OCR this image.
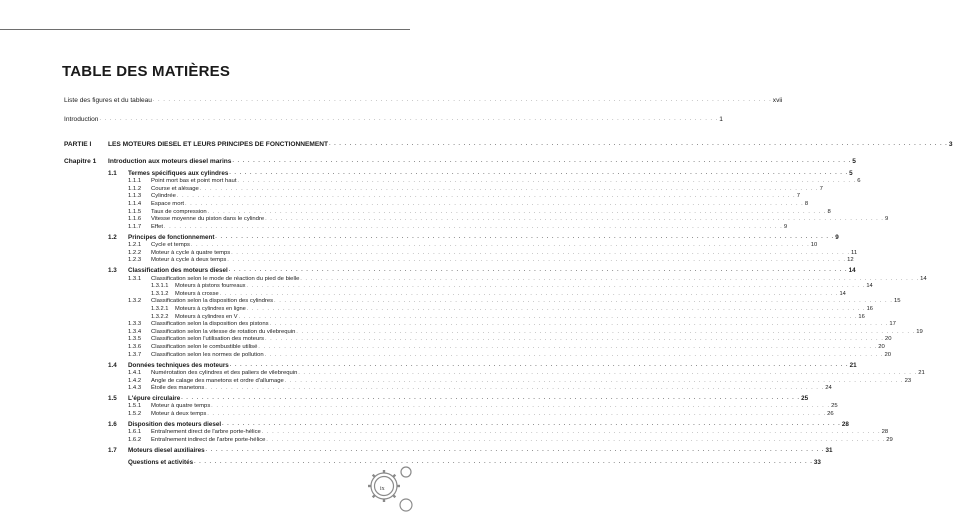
TABLE DES MATIÈRES
Liste des figures et du tableau . . . . . . . . . . . . . . . . . . . . . . . . . . . . . . . . . . . . . . . . . . . . . . . . . . . . . . . . . . . . . . . . . . . . . . . . . . . . . . . . . . . . . . . . . . . . . . . . . . . . . . . . . . . . . . . . . . . . . . . . xvii
Introduction . . . . . . . . . . . . . . . . . . . . . . . . . . . . . . . . . . . . . . . . . . . . . . . . . . . . . . . . . . . . . . . . . . . . . . . . . . . . . . . . . . . . . . . . . . . . . . . . . . . . . . . . . . . . . . . . . . . . . . . . 1
PARTIE I	LES MOTEURS DIESEL ET LEURS PRINCIPES DE FONCTIONNEMENT . . . . . . . . . . . . . . . . . . . . . . . . . . . . . . . . . . . . . . . . . . . . . . . . . . . . . . . . . . . . . . . . . . . . . . . . . . . . . . . . . . . . . . . . . . . . . . . . . . . . . . . . . . . . . . . . . . . . . . . . 3
Chapitre 1 Introduction aux moteurs diesel marins . . . . . . . . . . . . . . . . . . . . . . . . . . . . . . . . . . . . . . . . . . . . . . . . . . . . . . . . . . . . . . . . . . . . . . . . . . . . . . . . . . . . . . . . . . . . . . . . . . . . . . . . . . . . . . . . . . . . . . . . 5
1.1 Termes spécifiques aux cylindres . . . . . . . . . . . . . . . . . . . . . . . . . . . . . . . . . . . . . . . . . . . . . . . . . . . . . . . . . . . . . . . . . . . . . . . . . . . . . . . . . . . . . . . . . . . . . . . . . . . . . . . . . . . . . . . . . . . . . . . . 5
1.1.1 Point mort bas et point mort haut . . . . . . . . . . . . . . . . . . . . . . . . . . . . . . . . . . . . . . . . . . . . . . . . . . . . . . . . . . . . . . . . . . . . . . . . . . . . . . . . . . . . . . . . . . . . . . . . . . . . . . . . . . . . . . . . . . . . . . . . 6
1.1.2 Course et alésage . . . . . . . . . . . . . . . . . . . . . . . . . . . . . . . . . . . . . . . . . . . . . . . . . . . . . . . . . . . . . . . . . . . . . . . . . . . . . . . . . . . . . . . . . . . . . . . . . . . . . . . . . . . . . . . . . . . . . . . . 7
1.1.3 Cylindrée . . . . . . . . . . . . . . . . . . . . . . . . . . . . . . . . . . . . . . . . . . . . . . . . . . . . . . . . . . . . . . . . . . . . . . . . . . . . . . . . . . . . . . . . . . . . . . . . . . . . . . . . . . . . . . . . . . . . . . . . 7
1.1.4 Espace mort . . . . . . . . . . . . . . . . . . . . . . . . . . . . . . . . . . . . . . . . . . . . . . . . . . . . . . . . . . . . . . . . . . . . . . . . . . . . . . . . . . . . . . . . . . . . . . . . . . . . . . . . . . . . . . . . . . . . . . . . 8
1.1.5 Taux de compression . . . . . . . . . . . . . . . . . . . . . . . . . . . . . . . . . . . . . . . . . . . . . . . . . . . . . . . . . . . . . . . . . . . . . . . . . . . . . . . . . . . . . . . . . . . . . . . . . . . . . . . . . . . . . . . . . . . . . . . . 8
1.1.6 Vitesse moyenne du piston dans le cylindre . . . . . . . . . . . . . . . . . . . . . . . . . . . . . . . . . . . . . . . . . . . . . . . . . . . . . . . . . . . . . . . . . . . . . . . . . . . . . . . . . . . . . . . . . . . . . . . . . . . . . . . . . . . . . . . . . . . . . . . . 9
1.1.7 Effet . . . . . . . . . . . . . . . . . . . . . . . . . . . . . . . . . . . . . . . . . . . . . . . . . . . . . . . . . . . . . . . . . . . . . . . . . . . . . . . . . . . . . . . . . . . . . . . . . . . . . . . . . . . . . . . . . . . . . . . . 9
1.2 Principes de fonctionnement . . . . . . . . . . . . . . . . . . . . . . . . . . . . . . . . . . . . . . . . . . . . . . . . . . . . . . . . . . . . . . . . . . . . . . . . . . . . . . . . . . . . . . . . . . . . . . . . . . . . . . . . . . . . . . . . . . . . . . . . 9
1.2.1 Cycle et temps . . . . . . . . . . . . . . . . . . . . . . . . . . . . . . . . . . . . . . . . . . . . . . . . . . . . . . . . . . . . . . . . . . . . . . . . . . . . . . . . . . . . . . . . . . . . . . . . . . . . . . . . . . . . . . . . . . . . . . . . 10
1.2.2 Moteur à cycle à quatre temps . . . . . . . . . . . . . . . . . . . . . . . . . . . . . . . . . . . . . . . . . . . . . . . . . . . . . . . . . . . . . . . . . . . . . . . . . . . . . . . . . . . . . . . . . . . . . . . . . . . . . . . . . . . . . . . . . . . . . . . . 11
1.2.3 Moteur à cycle à deux temps . . . . . . . . . . . . . . . . . . . . . . . . . . . . . . . . . . . . . . . . . . . . . . . . . . . . . . . . . . . . . . . . . . . . . . . . . . . . . . . . . . . . . . . . . . . . . . . . . . . . . . . . . . . . . . . . . . . . . . . . 12
1.3 Classification des moteurs diesel . . . . . . . . . . . . . . . . . . . . . . . . . . . . . . . . . . . . . . . . . . . . . . . . . . . . . . . . . . . . . . . . . . . . . . . . . . . . . . . . . . . . . . . . . . . . . . . . . . . . . . . . . . . . . . . . . . . . . . . . 14
1.3.1 Classification selon le mode de réaction du pied de bielle . . . . . . . . . . . . . . . . . . . . . . . . . . . . . . . . . . . . . . . . . . . . . . . . . . . . . . . . . . . . . . . . . . . . . . . . . . . . . . . . . . . . . . . . . . . . . . . . . . . . . . . . . . . . . . . . . . . . . . . . 14
1.3.1.1 Moteurs à pistons fourreaux . . . . . . . . . . . . . . . . . . . . . . . . . . . . . . . . . . . . . . . . . . . . . . . . . . . . . . . . . . . . . . . . . . . . . . . . . . . . . . . . . . . . . . . . . . . . . . . . . . . . . . . . . . . . . . . . . . . . . . . . 14
1.3.1.2 Moteurs à crosse . . . . . . . . . . . . . . . . . . . . . . . . . . . . . . . . . . . . . . . . . . . . . . . . . . . . . . . . . . . . . . . . . . . . . . . . . . . . . . . . . . . . . . . . . . . . . . . . . . . . . . . . . . . . . . . . . . . . . . . . 14
1.3.2 Classification selon la disposition des cylindres . . . . . . . . . . . . . . . . . . . . . . . . . . . . . . . . . . . . . . . . . . . . . . . . . . . . . . . . . . . . . . . . . . . . . . . . . . . . . . . . . . . . . . . . . . . . . . . . . . . . . . . . . . . . . . . . . . . . . . . . 15
1.3.2.1 Moteurs à cylindres en ligne . . . . . . . . . . . . . . . . . . . . . . . . . . . . . . . . . . . . . . . . . . . . . . . . . . . . . . . . . . . . . . . . . . . . . . . . . . . . . . . . . . . . . . . . . . . . . . . . . . . . . . . . . . . . . . . . . . . . . . . . 16
1.3.2.2 Moteurs à cylindres en V . . . . . . . . . . . . . . . . . . . . . . . . . . . . . . . . . . . . . . . . . . . . . . . . . . . . . . . . . . . . . . . . . . . . . . . . . . . . . . . . . . . . . . . . . . . . . . . . . . . . . . . . . . . . . . . . . . . . . . . . 16
1.3.3 Classification selon la disposition des pistons . . . . . . . . . . . . . . . . . . . . . . . . . . . . . . . . . . . . . . . . . . . . . . . . . . . . . . . . . . . . . . . . . . . . . . . . . . . . . . . . . . . . . . . . . . . . . . . . . . . . . . . . . . . . . . . . . . . . . . . . 17
1.3.4 Classification selon la vitesse de rotation du vilebrequin . . . . . . . . . . . . . . . . . . . . . . . . . . . . . . . . . . . . . . . . . . . . . . . . . . . . . . . . . . . . . . . . . . . . . . . . . . . . . . . . . . . . . . . . . . . . . . . . . . . . . . . . . . . . . . . . . . . . . . . . 19
1.3.5 Classification selon l'utilisation des moteurs . . . . . . . . . . . . . . . . . . . . . . . . . . . . . . . . . . . . . . . . . . . . . . . . . . . . . . . . . . . . . . . . . . . . . . . . . . . . . . . . . . . . . . . . . . . . . . . . . . . . . . . . . . . . . . . . . . . . . . . . 20
1.3.6 Classification selon le combustible utilisé . . . . . . . . . . . . . . . . . . . . . . . . . . . . . . . . . . . . . . . . . . . . . . . . . . . . . . . . . . . . . . . . . . . . . . . . . . . . . . . . . . . . . . . . . . . . . . . . . . . . . . . . . . . . . . . . . . . . . . . . 20
1.3.7 Classification selon les normes de pollution . . . . . . . . . . . . . . . . . . . . . . . . . . . . . . . . . . . . . . . . . . . . . . . . . . . . . . . . . . . . . . . . . . . . . . . . . . . . . . . . . . . . . . . . . . . . . . . . . . . . . . . . . . . . . . . . . . . . . . . . 20
1.4 Données techniques des moteurs . . . . . . . . . . . . . . . . . . . . . . . . . . . . . . . . . . . . . . . . . . . . . . . . . . . . . . . . . . . . . . . . . . . . . . . . . . . . . . . . . . . . . . . . . . . . . . . . . . . . . . . . . . . . . . . . . . . . . . . . 21
1.4.1 Numérotation des cylindres et des paliers de vilebrequin . . . . . . . . . . . . . . . . . . . . . . . . . . . . . . . . . . . . . . . . . . . . . . . . . . . . . . . . . . . . . . . . . . . . . . . . . . . . . . . . . . . . . . . . . . . . . . . . . . . . . . . . . . . . . . . . . . . . . . . . 21
1.4.2 Angle de calage des manetons et ordre d'allumage . . . . . . . . . . . . . . . . . . . . . . . . . . . . . . . . . . . . . . . . . . . . . . . . . . . . . . . . . . . . . . . . . . . . . . . . . . . . . . . . . . . . . . . . . . . . . . . . . . . . . . . . . . . . . . . . . . . . . . . . 23
1.4.3 Étoile des manetons . . . . . . . . . . . . . . . . . . . . . . . . . . . . . . . . . . . . . . . . . . . . . . . . . . . . . . . . . . . . . . . . . . . . . . . . . . . . . . . . . . . . . . . . . . . . . . . . . . . . . . . . . . . . . . . . . . . . . . . . 24
1.5 L'épure circulaire . . . . . . . . . . . . . . . . . . . . . . . . . . . . . . . . . . . . . . . . . . . . . . . . . . . . . . . . . . . . . . . . . . . . . . . . . . . . . . . . . . . . . . . . . . . . . . . . . . . . . . . . . . . . . . . . . . . . . . . . 25
1.5.1 Moteur à quatre temps . . . . . . . . . . . . . . . . . . . . . . . . . . . . . . . . . . . . . . . . . . . . . . . . . . . . . . . . . . . . . . . . . . . . . . . . . . . . . . . . . . . . . . . . . . . . . . . . . . . . . . . . . . . . . . . . . . . . . . . . 25
1.5.2 Moteur à deux temps . . . . . . . . . . . . . . . . . . . . . . . . . . . . . . . . . . . . . . . . . . . . . . . . . . . . . . . . . . . . . . . . . . . . . . . . . . . . . . . . . . . . . . . . . . . . . . . . . . . . . . . . . . . . . . . . . . . . . . . . 26
1.6 Disposition des moteurs diesel . . . . . . . . . . . . . . . . . . . . . . . . . . . . . . . . . . . . . . . . . . . . . . . . . . . . . . . . . . . . . . . . . . . . . . . . . . . . . . . . . . . . . . . . . . . . . . . . . . . . . . . . . . . . . . . . . . . . . . . . 28
1.6.1 Entraînement direct de l'arbre porte-hélice . . . . . . . . . . . . . . . . . . . . . . . . . . . . . . . . . . . . . . . . . . . . . . . . . . . . . . . . . . . . . . . . . . . . . . . . . . . . . . . . . . . . . . . . . . . . . . . . . . . . . . . . . . . . . . . . . . . . . . . . 28
1.6.2 Entraînement indirect de l'arbre porte-hélice . . . . . . . . . . . . . . . . . . . . . . . . . . . . . . . . . . . . . . . . . . . . . . . . . . . . . . . . . . . . . . . . . . . . . . . . . . . . . . . . . . . . . . . . . . . . . . . . . . . . . . . . . . . . . . . . . . . . . . . . 29
1.7 Moteurs diesel auxiliaires . . . . . . . . . . . . . . . . . . . . . . . . . . . . . . . . . . . . . . . . . . . . . . . . . . . . . . . . . . . . . . . . . . . . . . . . . . . . . . . . . . . . . . . . . . . . . . . . . . . . . . . . . . . . . . . . . . . . . . . . 31
Questions et activités . . . . . . . . . . . . . . . . . . . . . . . . . . . . . . . . . . . . . . . . . . . . . . . . . . . . . . . . . . . . . . . . . . . . . . . . . . . . . . . . . . . . . . . . . . . . . . . . . . . . . . . . . . . . . . . . . . . . . . . . 33
ix
